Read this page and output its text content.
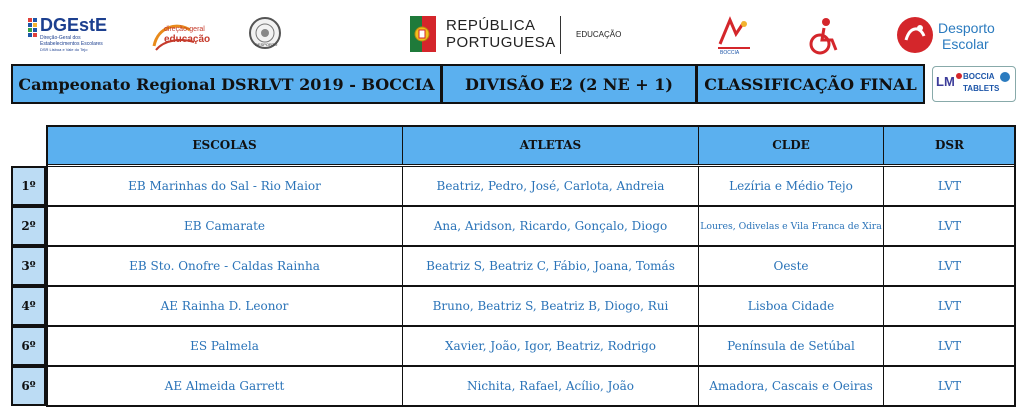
DGEstE
Direção-Geral dos
Estabelecimentos Escolares
DSR Lisboa e Vale do Tejo
direção-geral
educação	DESPORTO
REPÚBLICA
PORTUGUESA	EDUCAÇÃO
BOCCIA
Desporto
Escolar
Campeonato Regional DSRLVT 2019 - BOCCIA	DIVISÃO E2 (2 NE + 1)	CLASSIFICAÇÃO FINAL	LM BOCCIA
TABLETS
ESCOLAS	ATLETAS	CLDE	DSR
1º	EB Marinhas do Sal - Rio Maior	Beatriz, Pedro, José, Carlota, Andreia	Lezíria e Médio Tejo	LVT
2º	EB Camarate	Ana, Aridson, Ricardo, Gonçalo, Diogo	Loures, Odivelas e Vila Franca de Xira	LVT
3º	EB Sto. Onofre - Caldas Rainha	Beatriz S, Beatriz C, Fábio, Joana, Tomás	Oeste	LVT
4º	AE Rainha D. Leonor	Bruno, Beatriz S, Beatriz B, Diogo, Rui	Lisboa Cidade	LVT
6º	ES Palmela	Xavier, João, Igor, Beatriz, Rodrigo	Península de Setúbal	LVT
6º	AE Almeida Garrett	Nichita, Rafael, Acílio, João	Amadora, Cascais e Oeiras	LVT
